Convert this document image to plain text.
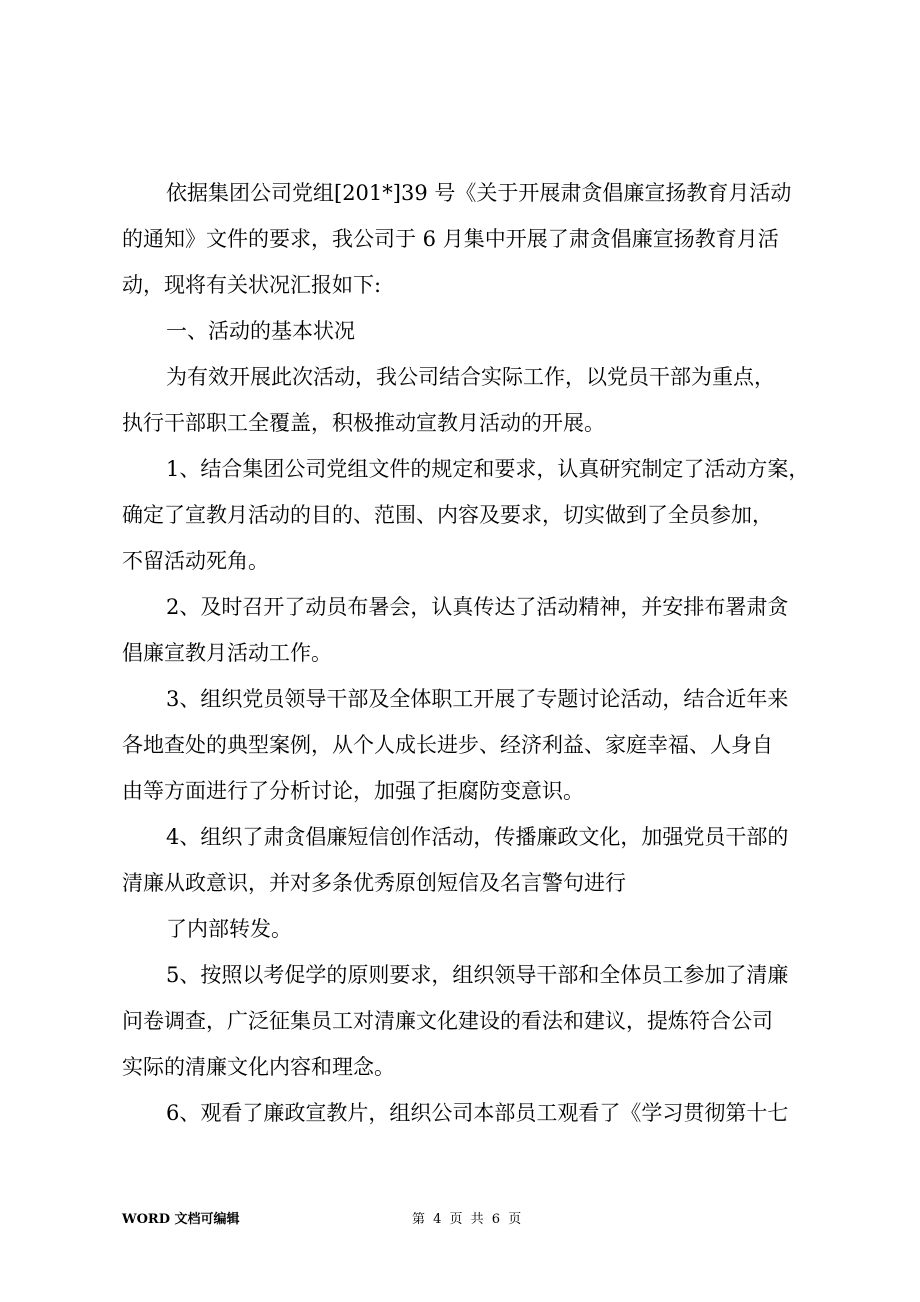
依据集团公司党组[201*]39 号《关于开展肃贪倡廉宣扬教育月活动
的通知》文件的要求，我公司于 6 月集中开展了肃贪倡廉宣扬教育月活
动，现将有关状况汇报如下:
一、活动的基本状况
为有效开展此次活动，我公司结合实际工作，以党员干部为重点，
执行干部职工全覆盖，积极推动宣教月活动的开展。
1、结合集团公司党组文件的规定和要求，认真研究制定了活动方案，
确定了宣教月活动的目的、范围、内容及要求，切实做到了全员参加，
不留活动死角。
2、及时召开了动员布暑会，认真传达了活动精神，并安排布署肃贪
倡廉宣教月活动工作。
3、组织党员领导干部及全体职工开展了专题讨论活动，结合近年来
各地查处的典型案例，从个人成长进步、经济利益、家庭幸福、人身自
由等方面进行了分析讨论，加强了拒腐防变意识。
4、组织了肃贪倡廉短信创作活动，传播廉政文化，加强党员干部的
清廉从政意识，并对多条优秀原创短信及名言警句进行
了内部转发。
5、按照以考促学的原则要求，组织领导干部和全体员工参加了清廉
问卷调查，广泛征集员工对清廉文化建设的看法和建议，提炼符合公司
实际的清廉文化内容和理念。
6、观看了廉政宣教片，组织公司本部员工观看了《学习贯彻第十七
WORD 文档可编辑	第 4 页 共 6 页
